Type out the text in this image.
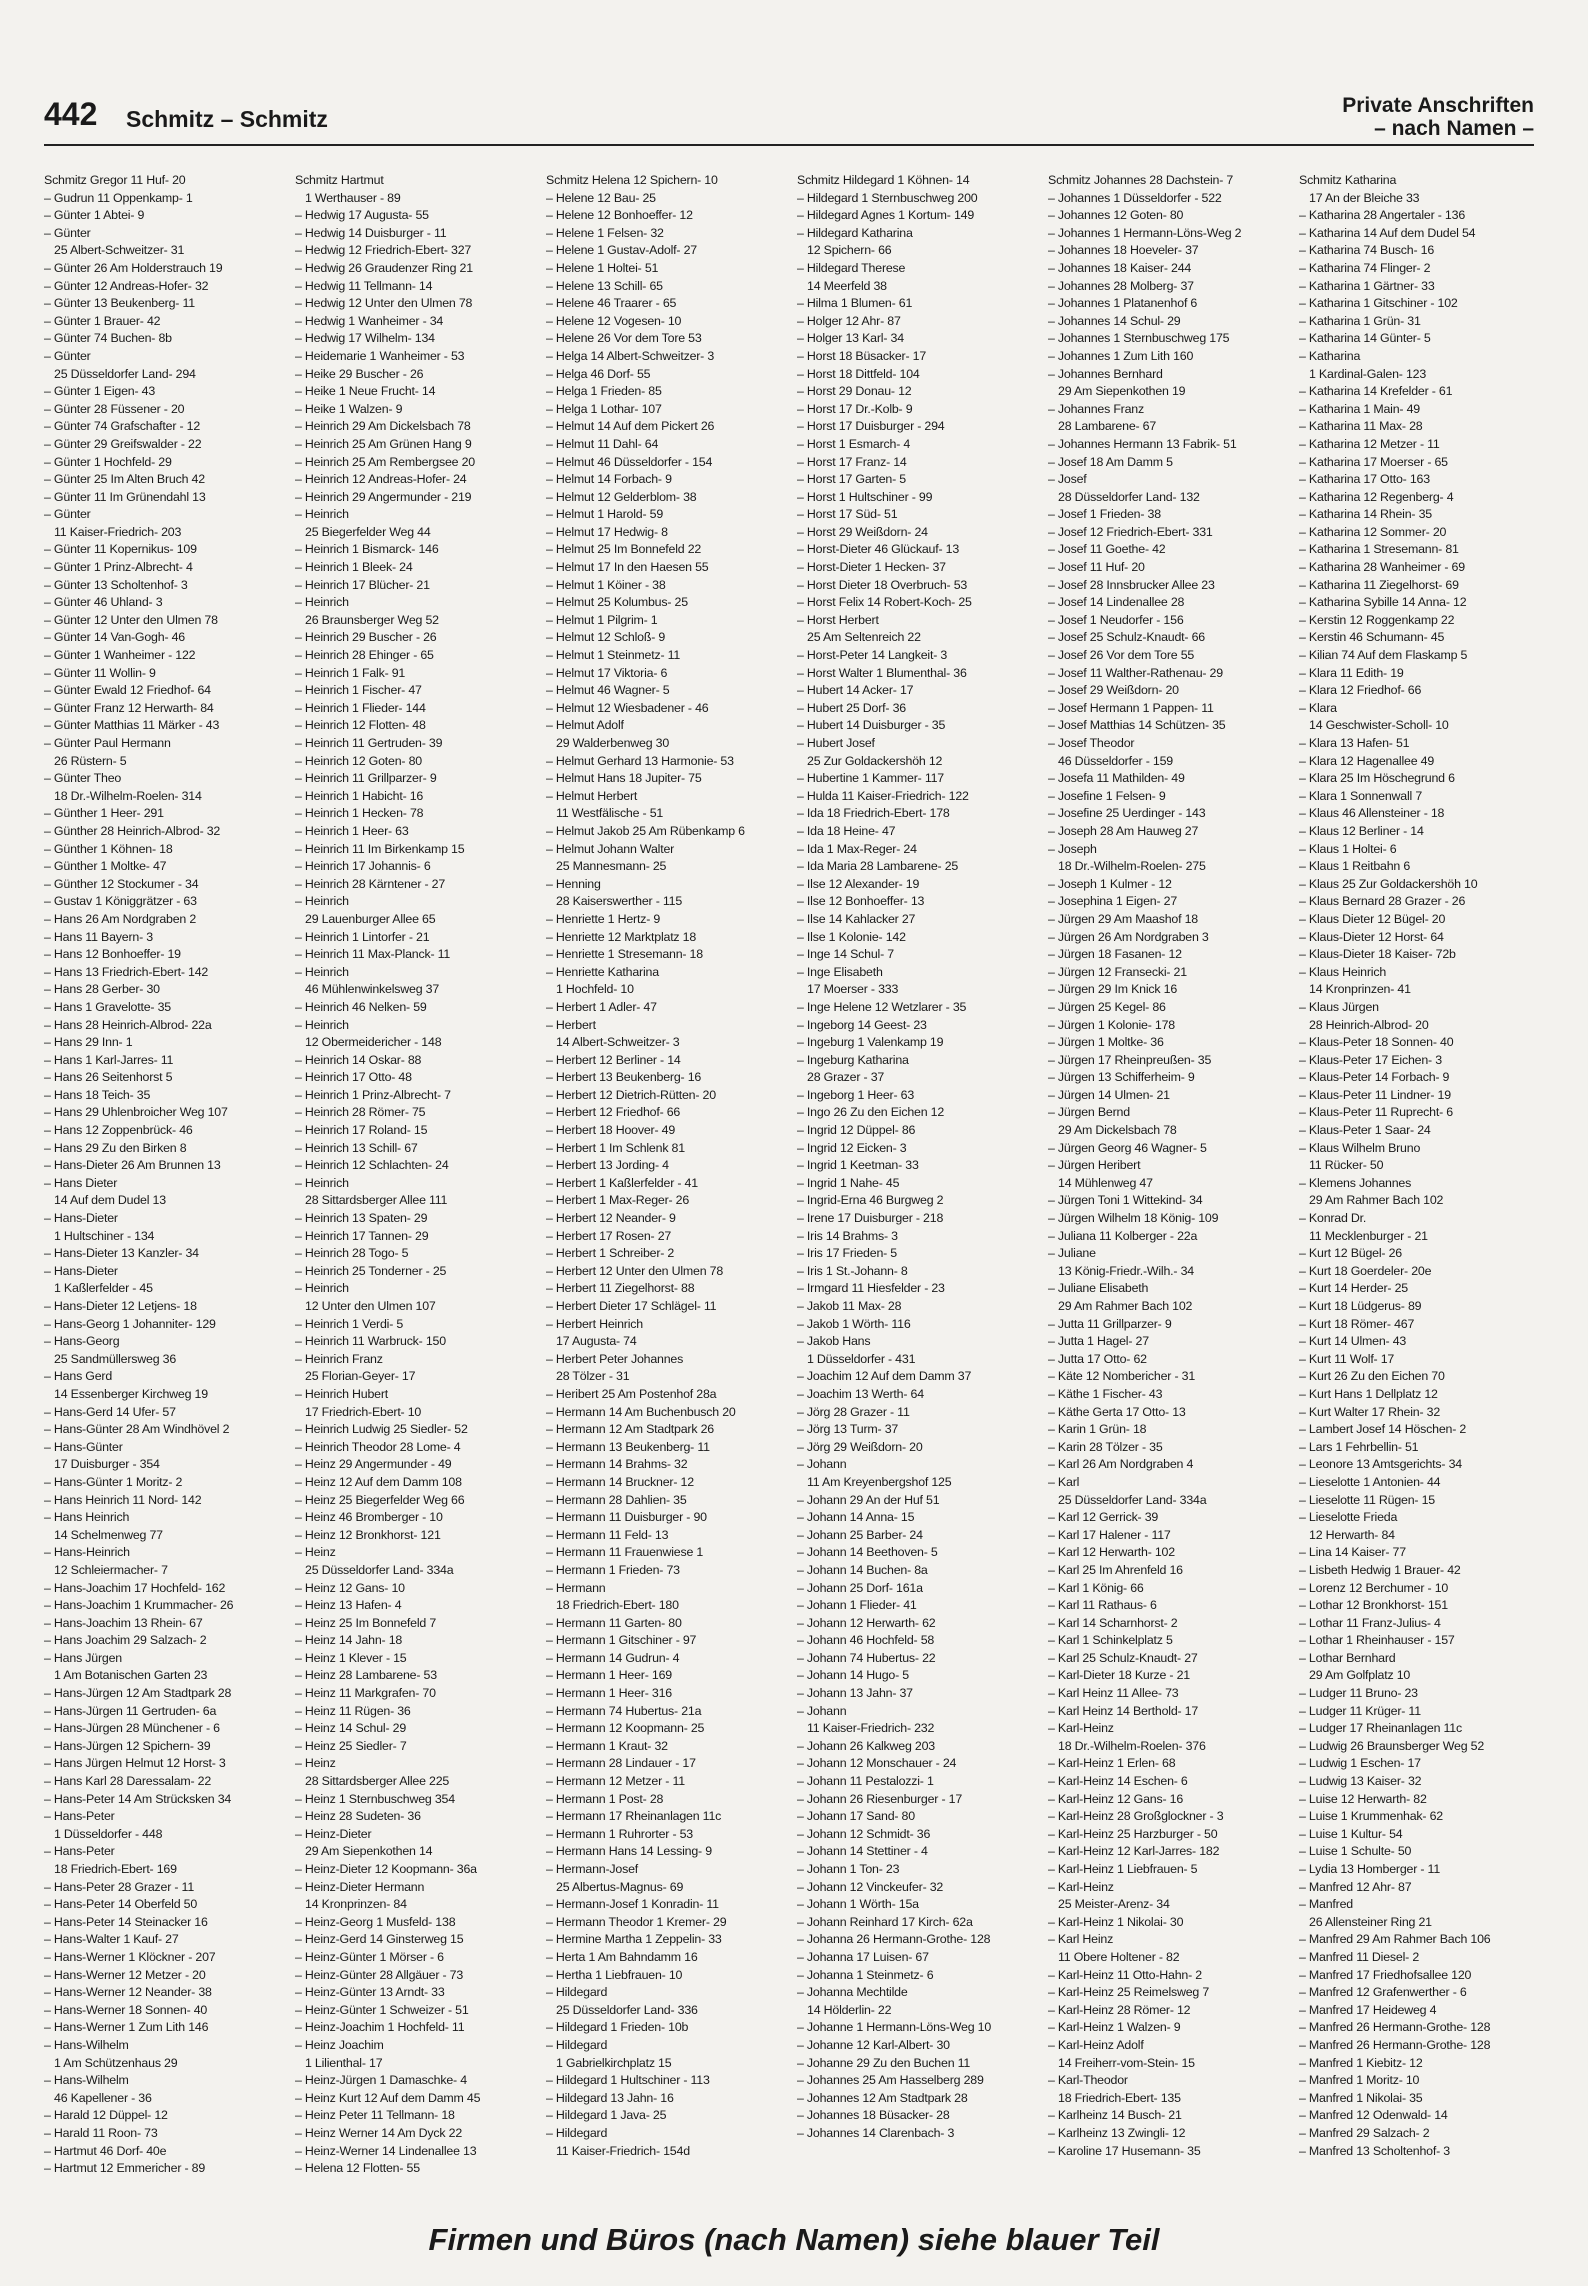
442 Schmitz – Schmitz
Private Anschriften
– nach Namen –
Schmitz Gregor 11 Huf- 20
– Gudrun 11 Oppenkamp- 1
– Günter 1 Abtei- 9
– Günter
25 Albert-Schweitzer- 31
– Günter 26 Am Holderstrauch 19
– Günter 12 Andreas-Hofer- 32
– Günter 13 Beukenberg- 11
– Günter 1 Brauer- 42
– Günter 74 Buchen- 8b
– Günter
25 Düsseldorfer Land- 294
– Günter 1 Eigen- 43
– Günter 28 Füssener - 20
– Günter 74 Grafschafter - 12
– Günter 29 Greifswalder - 22
– Günter 1 Hochfeld- 29
– Günter 25 Im Alten Bruch 42
– Günter 11 Im Grünendahl 13
– Günter
11 Kaiser-Friedrich- 203
– Günter 11 Kopernikus- 109
– Günter 1 Prinz-Albrecht- 4
– Günter 13 Scholtenhof- 3
– Günter 46 Uhland- 3
– Günter 12 Unter den Ulmen 78
– Günter 14 Van-Gogh- 46
– Günter 1 Wanheimer - 122
– Günter 11 Wollin- 9
– Günter Ewald 12 Friedhof- 64
– Günter Franz 12 Herwarth- 84
– Günter Matthias 11 Märker - 43
– Günter Paul Hermann
26 Rüstern- 5
– Günter Theo
18 Dr.-Wilhelm-Roelen- 314
– Günther 1 Heer- 291
– Günther 28 Heinrich-Albrod- 32
– Günther 1 Köhnen- 18
– Günther 1 Moltke- 47
– Günther 12 Stockumer - 34
– Gustav 1 Königgrätzer - 63
– Hans 26 Am Nordgraben 2
– Hans 11 Bayern- 3
– Hans 12 Bonhoeffer- 19
– Hans 13 Friedrich-Ebert- 142
– Hans 28 Gerber- 30
– Hans 1 Gravelotte- 35
– Hans 28 Heinrich-Albrod- 22a
– Hans 29 Inn- 1
– Hans 1 Karl-Jarres- 11
– Hans 26 Seitenhorst 5
– Hans 18 Teich- 35
– Hans 29 Uhlenbroicher Weg 107
– Hans 12 Zoppenbrück- 46
– Hans 29 Zu den Birken 8
– Hans-Dieter 26 Am Brunnen 13
– Hans Dieter
14 Auf dem Dudel 13
– Hans-Dieter
1 Hultschiner - 134
– Hans-Dieter 13 Kanzler- 34
– Hans-Dieter
1 Kaßlerfelder - 45
– Hans-Dieter 12 Letjens- 18
– Hans-Georg 1 Johanniter- 129
– Hans-Georg
25 Sandmüllersweg 36
– Hans Gerd
14 Essenberger Kirchweg 19
– Hans-Gerd 14 Ufer- 57
– Hans-Günter 28 Am Windhövel 2
– Hans-Günter
17 Duisburger - 354
– Hans-Günter 1 Moritz- 2
– Hans Heinrich 11 Nord- 142
– Hans Heinrich
14 Schelmenweg 77
– Hans-Heinrich
12 Schleiermacher- 7
– Hans-Joachim 17 Hochfeld- 162
– Hans-Joachim 1 Krummacher- 26
– Hans-Joachim 13 Rhein- 67
– Hans Joachim 29 Salzach- 2
– Hans Jürgen
1 Am Botanischen Garten 23
– Hans-Jürgen 12 Am Stadtpark 28
– Hans-Jürgen 11 Gertruden- 6a
– Hans-Jürgen 28 Münchener - 6
– Hans-Jürgen 12 Spichern- 39
– Hans Jürgen Helmut 12 Horst- 3
– Hans Karl 28 Daressalam- 22
– Hans-Peter 14 Am Strücksken 34
– Hans-Peter
1 Düsseldorfer - 448
– Hans-Peter
18 Friedrich-Ebert- 169
– Hans-Peter 28 Grazer - 11
– Hans-Peter 14 Oberfeld 50
– Hans-Peter 14 Steinacker 16
– Hans-Walter 1 Kauf- 27
– Hans-Werner 1 Klöckner - 207
– Hans-Werner 12 Metzer - 20
– Hans-Werner 12 Neander- 38
– Hans-Werner 18 Sonnen- 40
– Hans-Werner 1 Zum Lith 146
– Hans-Wilhelm
1 Am Schützenhaus 29
– Hans-Wilhelm
46 Kapellener - 36
– Harald 12 Düppel- 12
– Harald 11 Roon- 73
– Hartmut 46 Dorf- 40e
– Hartmut 12 Emmericher - 89
Schmitz Hartmut
1 Werthauser - 89
– Hedwig 17 Augusta- 55
– Hedwig 14 Duisburger - 11
– Hedwig 12 Friedrich-Ebert- 327
– Hedwig 26 Graudenzer Ring 21
– Hedwig 11 Tellmann- 14
– Hedwig 12 Unter den Ulmen 78
– Hedwig 1 Wanheimer - 34
– Hedwig 17 Wilhelm- 134
– Heidemarie 1 Wanheimer - 53
– Heike 29 Buscher - 26
– Heike 1 Neue Frucht- 14
– Heike 1 Walzen- 9
– Heinrich 29 Am Dickelsbach 78
– Heinrich 25 Am Grünen Hang 9
– Heinrich 25 Am Rembergsee 20
– Heinrich 12 Andreas-Hofer- 24
– Heinrich 29 Angermunder - 219
– Heinrich
25 Biegerfelder Weg 44
– Heinrich 1 Bismarck- 146
– Heinrich 1 Bleek- 24
– Heinrich 17 Blücher- 21
– Heinrich
26 Braunsberger Weg 52
– Heinrich 29 Buscher - 26
– Heinrich 28 Ehinger - 65
– Heinrich 1 Falk- 91
– Heinrich 1 Fischer- 47
– Heinrich 1 Flieder- 144
– Heinrich 12 Flotten- 48
– Heinrich 11 Gertruden- 39
– Heinrich 12 Goten- 80
– Heinrich 11 Grillparzer- 9
– Heinrich 1 Habicht- 16
– Heinrich 1 Hecken- 78
– Heinrich 1 Heer- 63
– Heinrich 11 Im Birkenkamp 15
– Heinrich 17 Johannis- 6
– Heinrich 28 Kärntener - 27
– Heinrich
29 Lauenburger Allee 65
– Heinrich 1 Lintorfer - 21
– Heinrich 11 Max-Planck- 11
– Heinrich
46 Mühlenwinkelsweg 37
– Heinrich 46 Nelken- 59
– Heinrich
12 Obermeidericher - 148
– Heinrich 14 Oskar- 88
– Heinrich 17 Otto- 48
– Heinrich 1 Prinz-Albrecht- 7
– Heinrich 28 Römer- 75
– Heinrich 17 Roland- 15
– Heinrich 13 Schill- 67
– Heinrich 12 Schlachten- 24
– Heinrich
28 Sittardsberger Allee 111
– Heinrich 13 Spaten- 29
– Heinrich 17 Tannen- 29
– Heinrich 28 Togo- 5
– Heinrich 25 Tonderner - 25
– Heinrich
12 Unter den Ulmen 107
– Heinrich 1 Verdi- 5
– Heinrich 11 Warbruck- 150
– Heinrich Franz
25 Florian-Geyer- 17
– Heinrich Hubert
17 Friedrich-Ebert- 10
– Heinrich Ludwig 25 Siedler- 52
– Heinrich Theodor 28 Lome- 4
– Heinz 29 Angermunder - 49
– Heinz 12 Auf dem Damm 108
– Heinz 25 Biegerfelder Weg 66
– Heinz 46 Bromberger - 10
– Heinz 12 Bronkhorst- 121
– Heinz
25 Düsseldorfer Land- 334a
– Heinz 12 Gans- 10
– Heinz 13 Hafen- 4
– Heinz 25 Im Bonnefeld 7
– Heinz 14 Jahn- 18
– Heinz 1 Klever - 15
– Heinz 28 Lambarene- 53
– Heinz 11 Markgrafen- 70
– Heinz 11 Rügen- 36
– Heinz 14 Schul- 29
– Heinz 25 Siedler- 7
– Heinz
28 Sittardsberger Allee 225
– Heinz 1 Sternbuschweg 354
– Heinz 28 Sudeten- 36
– Heinz-Dieter
29 Am Siepenkothen 14
– Heinz-Dieter 12 Koopmann- 36a
– Heinz-Dieter Hermann
14 Kronprinzen- 84
– Heinz-Georg 1 Musfeld- 138
– Heinz-Gerd 14 Ginsterweg 15
– Heinz-Günter 1 Mörser - 6
– Heinz-Günter 28 Allgäuer - 73
– Heinz-Günter 13 Arndt- 33
– Heinz-Günter 1 Schweizer - 51
– Heinz-Joachim 1 Hochfeld- 11
– Heinz Joachim
1 Lilienthal- 17
– Heinz-Jürgen 1 Damaschke- 4
– Heinz Kurt 12 Auf dem Damm 45
– Heinz Peter 11 Tellmann- 18
– Heinz Werner 14 Am Dyck 22
– Heinz-Werner 14 Lindenallee 13
– Helena 12 Flotten- 55
Schmitz Helena 12 Spichern- 10
– Helene 12 Bau- 25
– Helene 12 Bonhoeffer- 12
– Helene 1 Felsen- 32
– Helene 1 Gustav-Adolf- 27
– Helene 1 Holtei- 51
– Helene 13 Schill- 65
– Helene 46 Traarer - 65
– Helene 12 Vogesen- 10
– Helene 26 Vor dem Tore 53
– Helga 14 Albert-Schweitzer- 3
– Helga 46 Dorf- 55
– Helga 1 Frieden- 85
– Helga 1 Lothar- 107
– Helmut 14 Auf dem Pickert 26
– Helmut 11 Dahl- 64
– Helmut 46 Düsseldorfer - 154
– Helmut 14 Forbach- 9
– Helmut 12 Gelderblom- 38
– Helmut 1 Harold- 59
– Helmut 17 Hedwig- 8
– Helmut 25 Im Bonnefeld 22
– Helmut 17 In den Haesen 55
– Helmut 1 Köiner - 38
– Helmut 25 Kolumbus- 25
– Helmut 1 Pilgrim- 1
– Helmut 12 Schloß- 9
– Helmut 1 Steinmetz- 11
– Helmut 17 Viktoria- 6
– Helmut 46 Wagner- 5
– Helmut 12 Wiesbadener - 46
– Helmut Adolf
29 Walderbenweg 30
– Helmut Gerhard 13 Harmonie- 53
– Helmut Hans 18 Jupiter- 75
– Helmut Herbert
11 Westfälische - 51
– Helmut Jakob 25 Am Rübenkamp 6
– Helmut Johann Walter
25 Mannesmann- 25
– Henning
28 Kaiserswerther - 115
– Henriette 1 Hertz- 9
– Henriette 12 Marktplatz 18
– Henriette 1 Stresemann- 18
– Henriette Katharina
1 Hochfeld- 10
– Herbert 1 Adler- 47
– Herbert
14 Albert-Schweitzer- 3
– Herbert 12 Berliner - 14
– Herbert 13 Beukenberg- 16
– Herbert 12 Dietrich-Rütten- 20
– Herbert 12 Friedhof- 66
– Herbert 18 Hoover- 49
– Herbert 1 Im Schlenk 81
– Herbert 13 Jording- 4
– Herbert 1 Kaßlerfelder - 41
– Herbert 1 Max-Reger- 26
– Herbert 12 Neander- 9
– Herbert 17 Rosen- 27
– Herbert 1 Schreiber- 2
– Herbert 12 Unter den Ulmen 78
– Herbert 11 Ziegelhorst- 88
– Herbert Dieter 17 Schlägel- 11
– Herbert Heinrich
17 Augusta- 74
– Herbert Peter Johannes
28 Tölzer - 31
– Heribert 25 Am Postenhof 28a
– Hermann 14 Am Buchenbusch 20
– Hermann 12 Am Stadtpark 26
– Hermann 13 Beukenberg- 11
– Hermann 14 Brahms- 32
– Hermann 14 Bruckner- 12
– Hermann 28 Dahlien- 35
– Hermann 11 Duisburger - 90
– Hermann 11 Feld- 13
– Hermann 11 Frauenwiese 1
– Hermann 1 Frieden- 73
– Hermann
18 Friedrich-Ebert- 180
– Hermann 11 Garten- 80
– Hermann 1 Gitschiner - 97
– Hermann 14 Gudrun- 4
– Hermann 1 Heer- 169
– Hermann 1 Heer- 316
– Hermann 74 Hubertus- 21a
– Hermann 12 Koopmann- 25
– Hermann 1 Kraut- 32
– Hermann 28 Lindauer - 17
– Hermann 12 Metzer - 11
– Hermann 1 Post- 28
– Hermann 17 Rheinanlagen 11c
– Hermann 1 Ruhrorter - 53
– Hermann Hans 14 Lessing- 9
– Hermann-Josef
25 Albertus-Magnus- 69
– Hermann-Josef 1 Konradin- 11
– Hermann Theodor 1 Kremer- 29
– Hermine Martha 1 Zeppelin- 33
– Herta 1 Am Bahndamm 16
– Hertha 1 Liebfrauen- 10
– Hildegard
25 Düsseldorfer Land- 336
– Hildegard 1 Frieden- 10b
– Hildegard
1 Gabrielkirchplatz 15
– Hildegard 1 Hultschiner - 113
– Hildegard 13 Jahn- 16
– Hildegard 1 Java- 25
– Hildegard
11 Kaiser-Friedrich- 154d
Schmitz Hildegard 1 Köhnen- 14
– Hildegard 1 Sternbuschweg 200
– Hildegard Agnes 1 Kortum- 149
– Hildegard Katharina
12 Spichern- 66
– Hildegard Therese
14 Meerfeld 38
– Hilma 1 Blumen- 61
– Holger 12 Ahr- 87
– Holger 13 Karl- 34
– Horst 18 Büsacker- 17
– Horst 18 Dittfeld- 104
– Horst 29 Donau- 12
– Horst 17 Dr.-Kolb- 9
– Horst 17 Duisburger - 294
– Horst 1 Esmarch- 4
– Horst 17 Franz- 14
– Horst 17 Garten- 5
– Horst 1 Hultschiner - 99
– Horst 17 Süd- 51
– Horst 29 Weißdorn- 24
– Horst-Dieter 46 Glückauf- 13
– Horst-Dieter 1 Hecken- 37
– Horst Dieter 18 Overbruch- 53
– Horst Felix 14 Robert-Koch- 25
– Horst Herbert
25 Am Seltenreich 22
– Horst-Peter 14 Langkeit- 3
– Horst Walter 1 Blumenthal- 36
– Hubert 14 Acker- 17
– Hubert 25 Dorf- 36
– Hubert 14 Duisburger - 35
– Hubert Josef
25 Zur Goldackershöh 12
– Hubertine 1 Kammer- 117
– Hulda 11 Kaiser-Friedrich- 122
– Ida 18 Friedrich-Ebert- 178
– Ida 18 Heine- 47
– Ida 1 Max-Reger- 24
– Ida Maria 28 Lambarene- 25
– Ilse 12 Alexander- 19
– Ilse 12 Bonhoeffer- 13
– Ilse 14 Kahlacker 27
– Ilse 1 Kolonie- 142
– Inge 14 Schul- 7
– Inge Elisabeth
17 Moerser - 333
– Inge Helene 12 Wetzlarer - 35
– Ingeborg 14 Geest- 23
– Ingeburg 1 Valenkamp 19
– Ingeburg Katharina
28 Grazer - 37
– Ingeborg 1 Heer- 63
– Ingo 26 Zu den Eichen 12
– Ingrid 12 Düppel- 86
– Ingrid 12 Eicken- 3
– Ingrid 1 Keetman- 33
– Ingrid 1 Nahe- 45
– Ingrid-Erna 46 Burgweg 2
– Irene 17 Duisburger - 218
– Iris 14 Brahms- 3
– Iris 17 Frieden- 5
– Iris 1 St.-Johann- 8
– Irmgard 11 Hiesfelder - 23
– Jakob 11 Max- 28
– Jakob 1 Wörth- 116
– Jakob Hans
1 Düsseldorfer - 431
– Joachim 12 Auf dem Damm 37
– Joachim 13 Werth- 64
– Jörg 28 Grazer - 11
– Jörg 13 Turm- 37
– Jörg 29 Weißdorn- 20
– Johann
11 Am Kreyenbergshof 125
– Johann 29 An der Huf 51
– Johann 14 Anna- 15
– Johann 25 Barber- 24
– Johann 14 Beethoven- 5
– Johann 14 Buchen- 8a
– Johann 25 Dorf- 161a
– Johann 1 Flieder- 41
– Johann 12 Herwarth- 62
– Johann 46 Hochfeld- 58
– Johann 74 Hubertus- 22
– Johann 14 Hugo- 5
– Johann 13 Jahn- 37
– Johann
11 Kaiser-Friedrich- 232
– Johann 26 Kalkweg 203
– Johann 12 Monschauer - 24
– Johann 11 Pestalozzi- 1
– Johann 26 Riesenburger - 17
– Johann 17 Sand- 80
– Johann 12 Schmidt- 36
– Johann 14 Stettiner - 4
– Johann 1 Ton- 23
– Johann 12 Vinckeufer- 32
– Johann 1 Wörth- 15a
– Johann Reinhard 17 Kirch- 62a
– Johanna 26 Hermann-Grothe- 128
– Johanna 17 Luisen- 67
– Johanna 1 Steinmetz- 6
– Johanna Mechtilde
14 Hölderlin- 22
– Johanne 1 Hermann-Löns-Weg 10
– Johanne 12 Karl-Albert- 30
– Johanne 29 Zu den Buchen 11
– Johannes 25 Am Hasselberg 289
– Johannes 12 Am Stadtpark 28
– Johannes 18 Büsacker- 28
– Johannes 14 Clarenbach- 3
Schmitz Johannes 28 Dachstein- 7
– Johannes 1 Düsseldorfer - 522
– Johannes 12 Goten- 80
– Johannes 1 Hermann-Löns-Weg 2
– Johannes 18 Hoeveler- 37
– Johannes 18 Kaiser- 244
– Johannes 28 Molberg- 37
– Johannes 1 Platanenhof 6
– Johannes 14 Schul- 29
– Johannes 1 Sternbuschweg 175
– Johannes 1 Zum Lith 160
– Johannes Bernhard
29 Am Siepenkothen 19
– Johannes Franz
28 Lambarene- 67
– Johannes Hermann 13 Fabrik- 51
– Josef 18 Am Damm 5
– Josef
28 Düsseldorfer Land- 132
– Josef 1 Frieden- 38
– Josef 12 Friedrich-Ebert- 331
– Josef 11 Goethe- 42
– Josef 11 Huf- 20
– Josef 28 Innsbrucker Allee 23
– Josef 14 Lindenallee 28
– Josef 1 Neudorfer - 156
– Josef 25 Schulz-Knaudt- 66
– Josef 26 Vor dem Tore 55
– Josef 11 Walther-Rathenau- 29
– Josef 29 Weißdorn- 20
– Josef Hermann 1 Pappen- 11
– Josef Matthias 14 Schützen- 35
– Josef Theodor
46 Düsseldorfer - 159
– Josefa 11 Mathilden- 49
– Josefine 1 Felsen- 9
– Josefine 25 Uerdinger - 143
– Joseph 28 Am Hauweg 27
– Joseph
18 Dr.-Wilhelm-Roelen- 275
– Joseph 1 Kulmer - 12
– Josephina 1 Eigen- 27
– Jürgen 29 Am Maashof 18
– Jürgen 26 Am Nordgraben 3
– Jürgen 18 Fasanen- 12
– Jürgen 12 Fransecki- 21
– Jürgen 29 Im Knick 16
– Jürgen 25 Kegel- 86
– Jürgen 1 Kolonie- 178
– Jürgen 1 Moltke- 36
– Jürgen 17 Rheinpreußen- 35
– Jürgen 13 Schifferheim- 9
– Jürgen 14 Ulmen- 21
– Jürgen Bernd
29 Am Dickelsbach 78
– Jürgen Georg 46 Wagner- 5
– Jürgen Heribert
14 Mühlenweg 47
– Jürgen Toni 1 Wittekind- 34
– Jürgen Wilhelm 18 König- 109
– Juliana 11 Kolberger - 22a
– Juliane
13 König-Friedr.-Wilh.- 34
– Juliane Elisabeth
29 Am Rahmer Bach 102
– Jutta 11 Grillparzer- 9
– Jutta 1 Hagel- 27
– Jutta 17 Otto- 62
– Käte 12 Nombericher - 31
– Käthe 1 Fischer- 43
– Käthe Gerta 17 Otto- 13
– Karin 1 Grün- 18
– Karin 28 Tölzer - 35
– Karl 26 Am Nordgraben 4
– Karl
25 Düsseldorfer Land- 334a
– Karl 12 Gerrick- 39
– Karl 17 Halener - 117
– Karl 12 Herwarth- 102
– Karl 25 Im Ahrenfeld 16
– Karl 1 König- 66
– Karl 11 Rathaus- 6
– Karl 14 Scharnhorst- 2
– Karl 1 Schinkelplatz 5
– Karl 25 Schulz-Knaudt- 27
– Karl-Dieter 18 Kurze - 21
– Karl Heinz 11 Allee- 73
– Karl Heinz 14 Berthold- 17
– Karl-Heinz
18 Dr.-Wilhelm-Roelen- 376
– Karl-Heinz 1 Erlen- 68
– Karl-Heinz 14 Eschen- 6
– Karl-Heinz 12 Gans- 16
– Karl-Heinz 28 Großglockner - 3
– Karl-Heinz 25 Harzburger - 50
– Karl-Heinz 12 Karl-Jarres- 182
– Karl-Heinz 1 Liebfrauen- 5
– Karl-Heinz
25 Meister-Arenz- 34
– Karl-Heinz 1 Nikolai- 30
– Karl Heinz
11 Obere Holtener - 82
– Karl-Heinz 11 Otto-Hahn- 2
– Karl-Heinz 25 Reimelsweg 7
– Karl-Heinz 28 Römer- 12
– Karl-Heinz 1 Walzen- 9
– Karl-Heinz Adolf
14 Freiherr-vom-Stein- 15
– Karl-Theodor
18 Friedrich-Ebert- 135
– Karlheinz 14 Busch- 21
– Karlheinz 13 Zwingli- 12
– Karoline 17 Husemann- 35
Schmitz Katharina
17 An der Bleiche 33
– Katharina 28 Angertaler - 136
– Katharina 14 Auf dem Dudel 54
– Katharina 74 Busch- 16
– Katharina 74 Flinger- 2
– Katharina 1 Gärtner- 33
– Katharina 1 Gitschiner - 102
– Katharina 1 Grün- 31
– Katharina 14 Günter- 5
– Katharina
1 Kardinal-Galen- 123
– Katharina 14 Krefelder - 61
– Katharina 1 Main- 49
– Katharina 11 Max- 28
– Katharina 12 Metzer - 11
– Katharina 17 Moerser - 65
– Katharina 17 Otto- 163
– Katharina 12 Regenberg- 4
– Katharina 14 Rhein- 35
– Katharina 12 Sommer- 20
– Katharina 1 Stresemann- 81
– Katharina 28 Wanheimer - 69
– Katharina 11 Ziegelhorst- 69
– Katharina Sybille 14 Anna- 12
– Kerstin 12 Roggenkamp 22
– Kerstin 46 Schumann- 45
– Kilian 74 Auf dem Flaskamp 5
– Klara 11 Edith- 19
– Klara 12 Friedhof- 66
– Klara
14 Geschwister-Scholl- 10
– Klara 13 Hafen- 51
– Klara 12 Hagenallee 49
– Klara 25 Im Höschegrund 6
– Klara 1 Sonnenwall 7
– Klaus 46 Allensteiner - 18
– Klaus 12 Berliner - 14
– Klaus 1 Holtei- 6
– Klaus 1 Reitbahn 6
– Klaus 25 Zur Goldackershöh 10
– Klaus Bernard 28 Grazer - 26
– Klaus Dieter 12 Bügel- 20
– Klaus-Dieter 12 Horst- 64
– Klaus-Dieter 18 Kaiser- 72b
– Klaus Heinrich
14 Kronprinzen- 41
– Klaus Jürgen
28 Heinrich-Albrod- 20
– Klaus-Peter 18 Sonnen- 40
– Klaus-Peter 17 Eichen- 3
– Klaus-Peter 14 Forbach- 9
– Klaus-Peter 11 Lindner- 19
– Klaus-Peter 11 Ruprecht- 6
– Klaus-Peter 1 Saar- 24
– Klaus Wilhelm Bruno
11 Rücker- 50
– Klemens Johannes
29 Am Rahmer Bach 102
– Konrad Dr.
11 Mecklenburger - 21
– Kurt 12 Bügel- 26
– Kurt 18 Goerdeler- 20e
– Kurt 14 Herder- 25
– Kurt 18 Lüdgerus- 89
– Kurt 18 Römer- 467
– Kurt 14 Ulmen- 43
– Kurt 11 Wolf- 17
– Kurt 26 Zu den Eichen 70
– Kurt Hans 1 Dellplatz 12
– Kurt Walter 17 Rhein- 32
– Lambert Josef 14 Höschen- 2
– Lars 1 Fehrbellin- 51
– Leonore 13 Amtsgerichts- 34
– Lieselotte 1 Antonien- 44
– Lieselotte 11 Rügen- 15
– Lieselotte Frieda
12 Herwarth- 84
– Lina 14 Kaiser- 77
– Lisbeth Hedwig 1 Brauer- 42
– Lorenz 12 Berchumer - 10
– Lothar 12 Bronkhorst- 151
– Lothar 11 Franz-Julius- 4
– Lothar 1 Rheinhauser - 157
– Lothar Bernhard
29 Am Golfplatz 10
– Ludger 11 Bruno- 23
– Ludger 11 Krüger- 11
– Ludger 17 Rheinanlagen 11c
– Ludwig 26 Braunsberger Weg 52
– Ludwig 1 Eschen- 17
– Ludwig 13 Kaiser- 32
– Luise 12 Herwarth- 82
– Luise 1 Krummenhak- 62
– Luise 1 Kultur- 54
– Luise 1 Schulte- 50
– Lydia 13 Homberger - 11
– Manfred 12 Ahr- 87
– Manfred
26 Allensteiner Ring 21
– Manfred 29 Am Rahmer Bach 106
– Manfred 11 Diesel- 2
– Manfred 17 Friedhofsallee 120
– Manfred 12 Grafenwerther - 6
– Manfred 17 Heideweg 4
– Manfred 26 Hermann-Grothe- 128
– Manfred 26 Hermann-Grothe- 128
– Manfred 1 Kiebitz- 12
– Manfred 1 Moritz- 10
– Manfred 1 Nikolai- 35
– Manfred 12 Odenwald- 14
– Manfred 29 Salzach- 2
– Manfred 13 Scholtenhof- 3
Firmen und Büros (nach Namen) siehe blauer Teil
